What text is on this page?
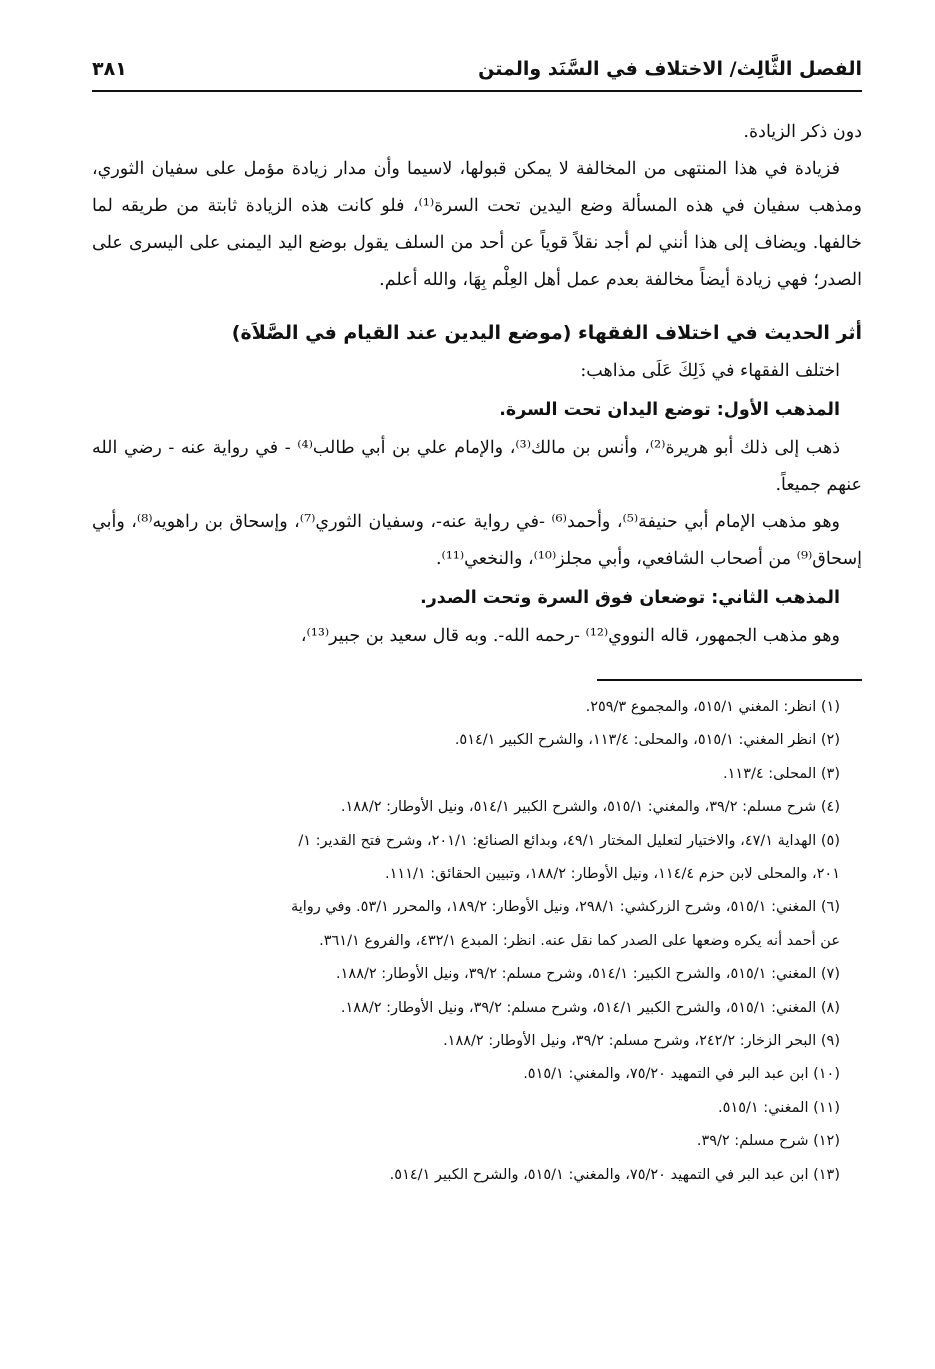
الفصل الثَّالِث/ الاختلاف في السَّنَد والمتن
٣٨١

دون ذكر الزيادة.

فزيادة في هذا المنتهى من المخالفة لا يمكن قبولها، لاسيما وأن مدار زيادة مؤمل على سفيان الثوري، ومذهب سفيان في هذه المسألة وضع اليدين تحت السرة⁽¹⁾، فلو كانت هذه الزيادة ثابتة من طريقه لما خالفها. ويضاف إلى هذا أنني لم أجد نقلاً قوياً عن أحد من السلف يقول بوضع اليد اليمنى على اليسرى على الصدر؛ فهي زيادة أيضاً مخالفة بعدم عمل أهل العِلْم بِهَا، والله أعلم.

أثر الحديث في اختلاف الفقهاء (موضع اليدين عند القيام في الصَّلاَة)

اختلف الفقهاء في ذَلِكَ عَلَى مذاهب:

المذهب الأول: توضع اليدان تحت السرة.

ذهب إلى ذلك أبو هريرة⁽²⁾، وأنس بن مالك⁽³⁾، والإمام علي بن أبي طالب⁽⁴⁾ - في رواية عنه - رضي الله عنهم جميعاً.

وهو مذهب الإمام أبي حنيفة⁽⁵⁾، وأحمد⁽⁶⁾ -في رواية عنه-، وسفيان الثوري⁽⁷⁾، وإسحاق بن راهويه⁽⁸⁾، وأبي إسحاق⁽⁹⁾ من أصحاب الشافعي، وأبي مجلز⁽¹⁰⁾، والنخعي⁽¹¹⁾.

المذهب الثاني: توضعان فوق السرة وتحت الصدر.

وهو مذهب الجمهور، قاله النووي⁽¹²⁾ -رحمه الله-. وبه قال سعيد بن جبير⁽¹³⁾،

(١) انظر: المغني ٥١٥/١، والمجموع ٢٥٩/٣.

(٢) انظر المغني: ٥١٥/١، والمحلى: ١١٣/٤، والشرح الكبير ٥١٤/١.

(٣) المحلى: ١١٣/٤.

(٤) شرح مسلم: ٣٩/٢، والمغني: ٥١٥/١، والشرح الكبير ٥١٤/١، ونيل الأوطار: ١٨٨/٢.

(٥) الهداية ٤٧/١، والاختيار لتعليل المختار ٤٩/١، وبدائع الصنائع: ٢٠١/١، وشرح فتح القدير: ١/

٢٠١، والمحلى لابن حزم ١١٤/٤، ونيل الأوطار: ١٨٨/٢، وتبيين الحقائق: ١١١/١.

(٦) المغني: ٥١٥/١، وشرح الزركشي: ٢٩٨/١، ونيل الأوطار: ١٨٩/٢، والمحرر ٥٣/١. وفي رواية

عن أحمد أنه يكره وضعها على الصدر كما نقل عنه. انظر: المبدع ٤٣٢/١، والفروع ٣٦١/١.

(٧) المغني: ٥١٥/١، والشرح الكبير: ٥١٤/١، وشرح مسلم: ٣٩/٢، ونيل الأوطار: ١٨٨/٢.

(٨) المغني: ٥١٥/١، والشرح الكبير ٥١٤/١، وشرح مسلم: ٣٩/٢، ونيل الأوطار: ١٨٨/٢.

(٩) البحر الزخار: ٢٤٢/٢، وشرح مسلم: ٣٩/٢، ونيل الأوطار: ١٨٨/٢.

(١٠) ابن عبد البر في التمهيد ٧٥/٢٠، والمغني: ٥١٥/١.

(١١) المغني: ٥١٥/١.

(١٢) شرح مسلم: ٣٩/٢.

(١٣) ابن عبد البر في التمهيد ٧٥/٢٠، والمغني: ٥١٥/١، والشرح الكبير ٥١٤/١.
